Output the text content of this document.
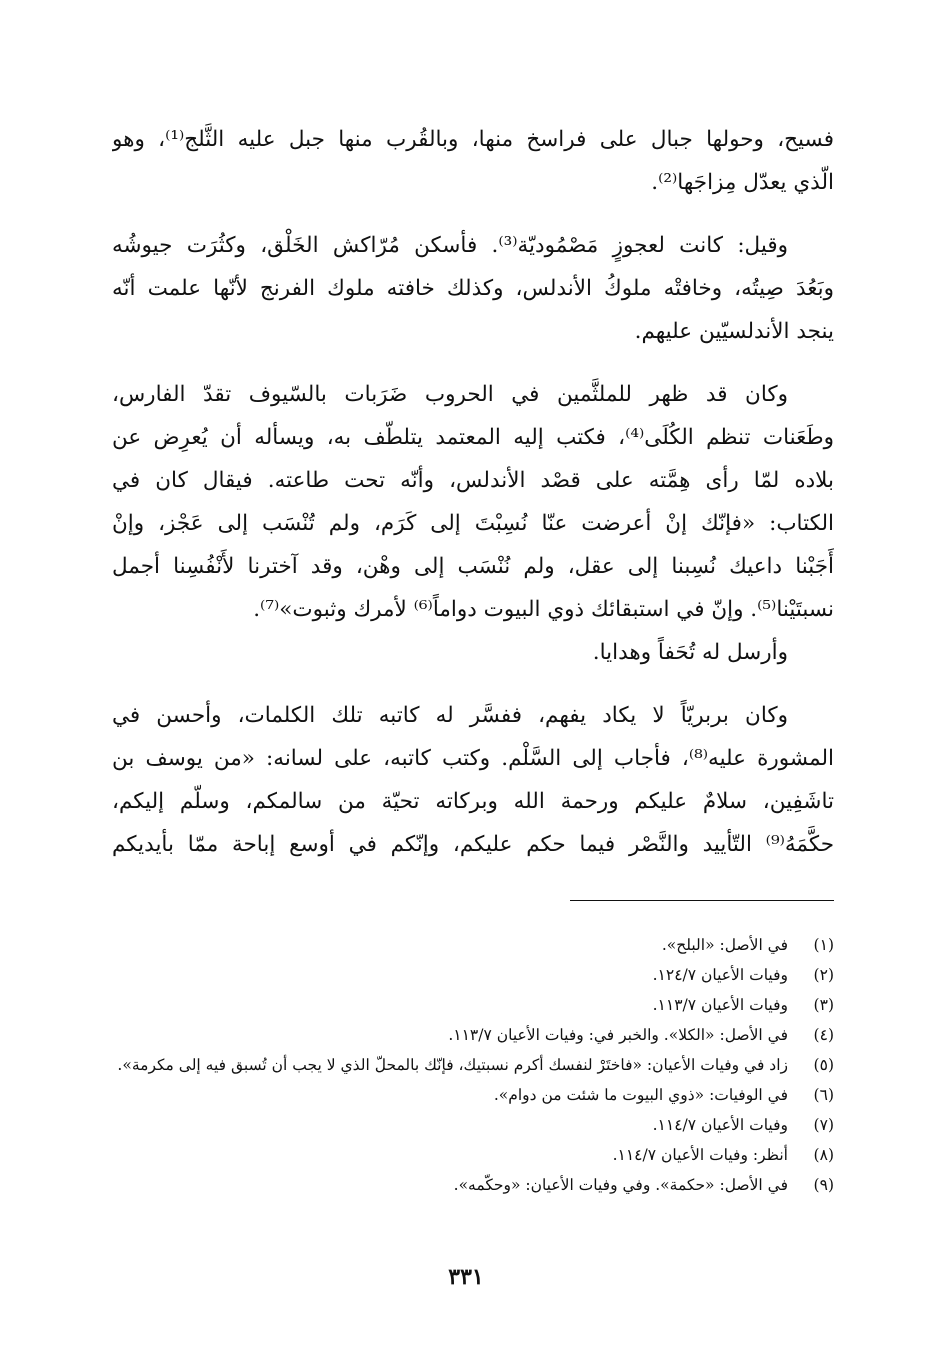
فسيح، وحولها جبال على فراسخ منها، وبالقُرب منها جبل عليه الثَّلج⁽¹⁾، وهو
الّذي يعدّل مِزاجَها⁽²⁾.
وقيل: كانت لعجوزٍ مَصْمُوديّة⁽³⁾. فأسكن مُرّاكش الخَلْق، وكثُرَت جيوشُه
وبَعُدَ صِيتُه، وخافتْه ملوكُ الأندلس، وكذلك خافته ملوك الفرنج لأنّها علمت أنّه
ينجد الأندلسيّين عليهم.
وكان قد ظهر للملثَّمين في الحروب ضَرَبات بالسّيوف تقدّ الفارس،
وطَعَنات تنظم الكُلَى⁽⁴⁾، فكتب إليه المعتمد يتلطّف به، ويسأله أن يُعرِض عن
بلاده لمّا رأى هِمَّته على قصْد الأندلس، وأنّه تحت طاعته. فيقال كان في
الكتاب: «فإنّك إنْ أعرضت عنّا نُسِبْتَ إلى كَرَم، ولم تُنْسَب إلى عَجْز، وإنْ
أَجَبْنا داعيك نُسِبنا إلى عقل، ولم نُنْسَب إلى وهْن، وقد آخترنا لأَنْفُسِنا أجمل
نسبتَيْنا⁽⁵⁾. وإنّ في استبقائك ذوي البيوت دواماً⁽⁶⁾ لأمرك وثبوت»⁽⁷⁾.
وأرسل له تُحَفاً وهدايا.
وكان بربريّاً لا يكاد يفهم، ففسَّر له كاتبه تلك الكلمات، وأحسن في
المشورة عليه⁽⁸⁾، فأجاب إلى السَّلْم. وكتب كاتبه، على لسانه: «من يوسف بن
تاشَفِين، سلامٌ عليكم ورحمة الله وبركاته تحيّة من سالمكم، وسلّم إليكم،
حكَّمَهُ⁽⁹⁾ التّأييد والنَّصْر فيما حكم عليكم، وإنّكم في أوسع إباحة ممّا بأيديكم
(١)
في الأصل: «البلح».
(٢)
وفيات الأعيان ١٢٤/٧.
(٣)
وفيات الأعيان ١١٣/٧.
(٤)
في الأصل: «الكلا». والخبر في: وفيات الأعيان ١١٣/٧.
(٥)
زاد في وفيات الأعيان: «فاختَرْ لنفسك أكرم نسبتيك، فإنّك بالمحلّ الذي لا يجب أن تُسبق فيه إلى مكرمة».
(٦)
في الوفيات: «ذوي البيوت ما شئت من دوام».
(٧)
وفيات الأعيان ١١٤/٧.
(٨)
أنظر: وفيات الأعيان ١١٤/٧.
(٩)
في الأصل: «حكمة». وفي وفيات الأعيان: «وحكّمه».
٣٣١
